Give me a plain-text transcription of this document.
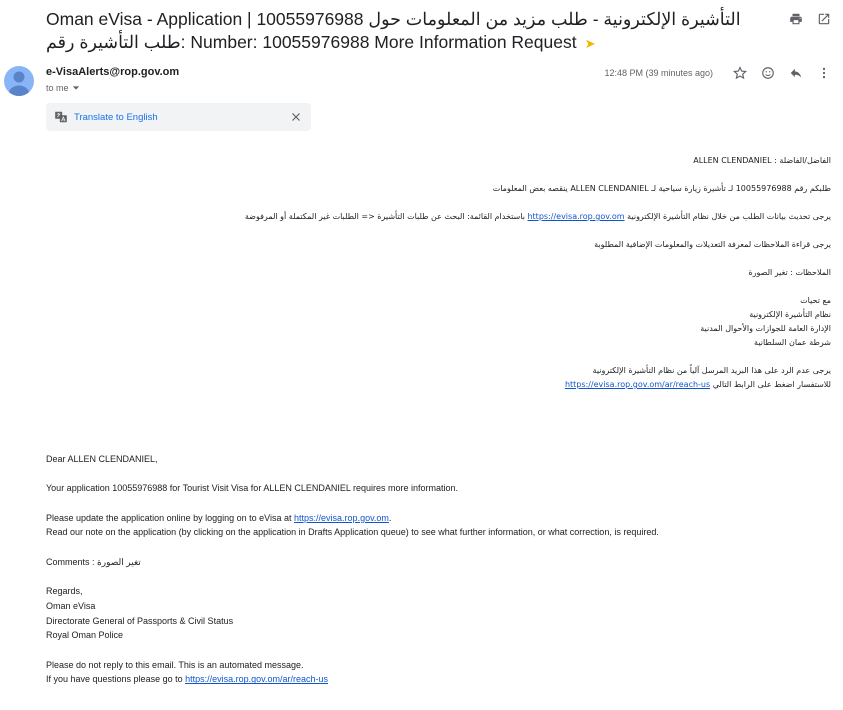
Oman eVisa - Application | 10055976988 التأشيرة الإلكترونية - طلب مزيد من المعلومات حول طلب التأشيرة رقم: Number: 10055976988 More Information Request ➤
e-VisaAlerts@rop.gov.om
to me
12:48 PM (39 minutes ago)
Translate to English
الفاضل/الفاضلة : ALLEN CLENDANIEL
طلبكم رقم 10055976988 لـ تأشيرة زيارة سياحية لـ ALLEN CLENDANIEL ينقصه بعض المعلومات
يرجى تحديث بيانات الطلب من خلال نظام التأشيرة الإلكترونية https://evisa.rop.gov.om باستخدام القائمة: البحث عن طلبات التأشيرة <= الطلبات غير المكتملة أو المرفوضة
يرجى قراءة الملاحظات لمعرفة التعديلات والمعلومات الإضافية المطلوبة
الملاحظات : تغير الصورة
مع تحيات
نظام التأشيرة الإلكترونية
الإدارة العامة للجوازات والأحوال المدنية
شرطة عمان السلطانية
يرجى عدم الرد على هذا البريد المرسل آلياً من نظام التأشيرة الإلكترونية
للاستفسار اضغط على الرابط التالي https://evisa.rop.gov.om/ar/reach-us
Dear ALLEN CLENDANIEL,
Your application 10055976988 for Tourist Visit Visa for ALLEN CLENDANIEL requires more information.
Please update the application online by logging on to eVisa at https://evisa.rop.gov.om.
Read our note on the application (by clicking on the application in Drafts Application queue) to see what further information, or what correction, is required.
Comments : تغير الصورة
Regards,
Oman eVisa
Directorate General of Passports & Civil Status
Royal Oman Police
Please do not reply to this email. This is an automated message.
If you have questions please go to https://evisa.rop.gov.om/ar/reach-us
